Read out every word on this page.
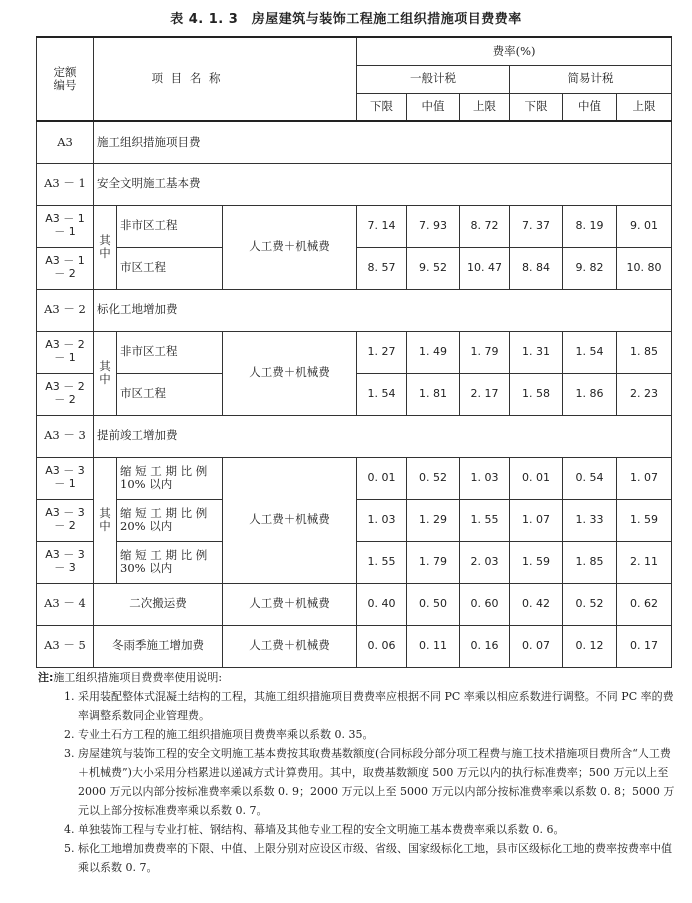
表 4. 1. 3　房屋建筑与装饰工程施工组织措施项目费费率
定额编号	项 目 名 称			费率(%)					
				一般计税			简易计税		
				下限	中值	上限	下限	中值	上限
A3	施工组织措施项目费								
A3 － 1	安全文明施工基本费								
A3 － 1 － 1	其中	非市区工程	人工费＋机械费	7. 14	7. 93	8. 72	7. 37	8. 19	9. 01
A3 － 1 － 2		市区工程		8. 57	9. 52	10. 47	8. 84	9. 82	10. 80
A3 － 2	标化工地增加费								
A3 － 2 － 1	其中	非市区工程	人工费＋机械费	1. 27	1. 49	1. 79	1. 31	1. 54	1. 85
A3 － 2 － 2		市区工程		1. 54	1. 81	2. 17	1. 58	1. 86	2. 23
A3 － 3	提前竣工增加费								
A3 － 3 － 1	其中	缩 短 工 期 比 例
10% 以内	人工费＋机械费	0. 01	0. 52	1. 03	0. 01	0. 54	1. 07
A3 － 3 － 2		缩 短 工 期 比 例
20% 以内		1. 03	1. 29	1. 55	1. 07	1. 33	1. 59
A3 － 3 － 3		缩 短 工 期 比 例
30% 以内		1. 55	1. 79	2. 03	1. 59	1. 85	2. 11
A3 － 4	二次搬运费		人工费＋机械费	0. 40	0. 50	0. 60	0. 42	0. 52	0. 62
A3 － 5	冬雨季施工增加费		人工费＋机械费	0. 06	0. 11	0. 16	0. 07	0. 12	0. 17
注:施工组织措施项目费费率使用说明:
1. 采用装配整体式混凝土结构的工程，其施工组织措施项目费费率应根据不同 PC 率乘以相应系数进行调整。不同 PC 率的费率调整系数同企业管理费。
2. 专业土石方工程的施工组织措施项目费费率乘以系数 0. 35。
3. 房屋建筑与装饰工程的安全文明施工基本费按其取费基数额度(合同标段分部分项工程费与施工技术措施项目费所含“人工费＋机械费”)大小采用分档累进以递减方式计算费用。其中，取费基数额度 500 万元以内的执行标准费率；500 万元以上至 2000 万元以内部分按标准费率乘以系数 0. 9；2000 万元以上至 5000 万元以内部分按标准费率乘以系数 0. 8；5000 万元以上部分按标准费率乘以系数 0. 7。
4. 单独装饰工程与专业打桩、钢结构、幕墙及其他专业工程的安全文明施工基本费费率乘以系数 0. 6。
5. 标化工地增加费费率的下限、中值、上限分别对应设区市级、省级、国家级标化工地，县市区级标化工地的费率按费率中值乘以系数 0. 7。
